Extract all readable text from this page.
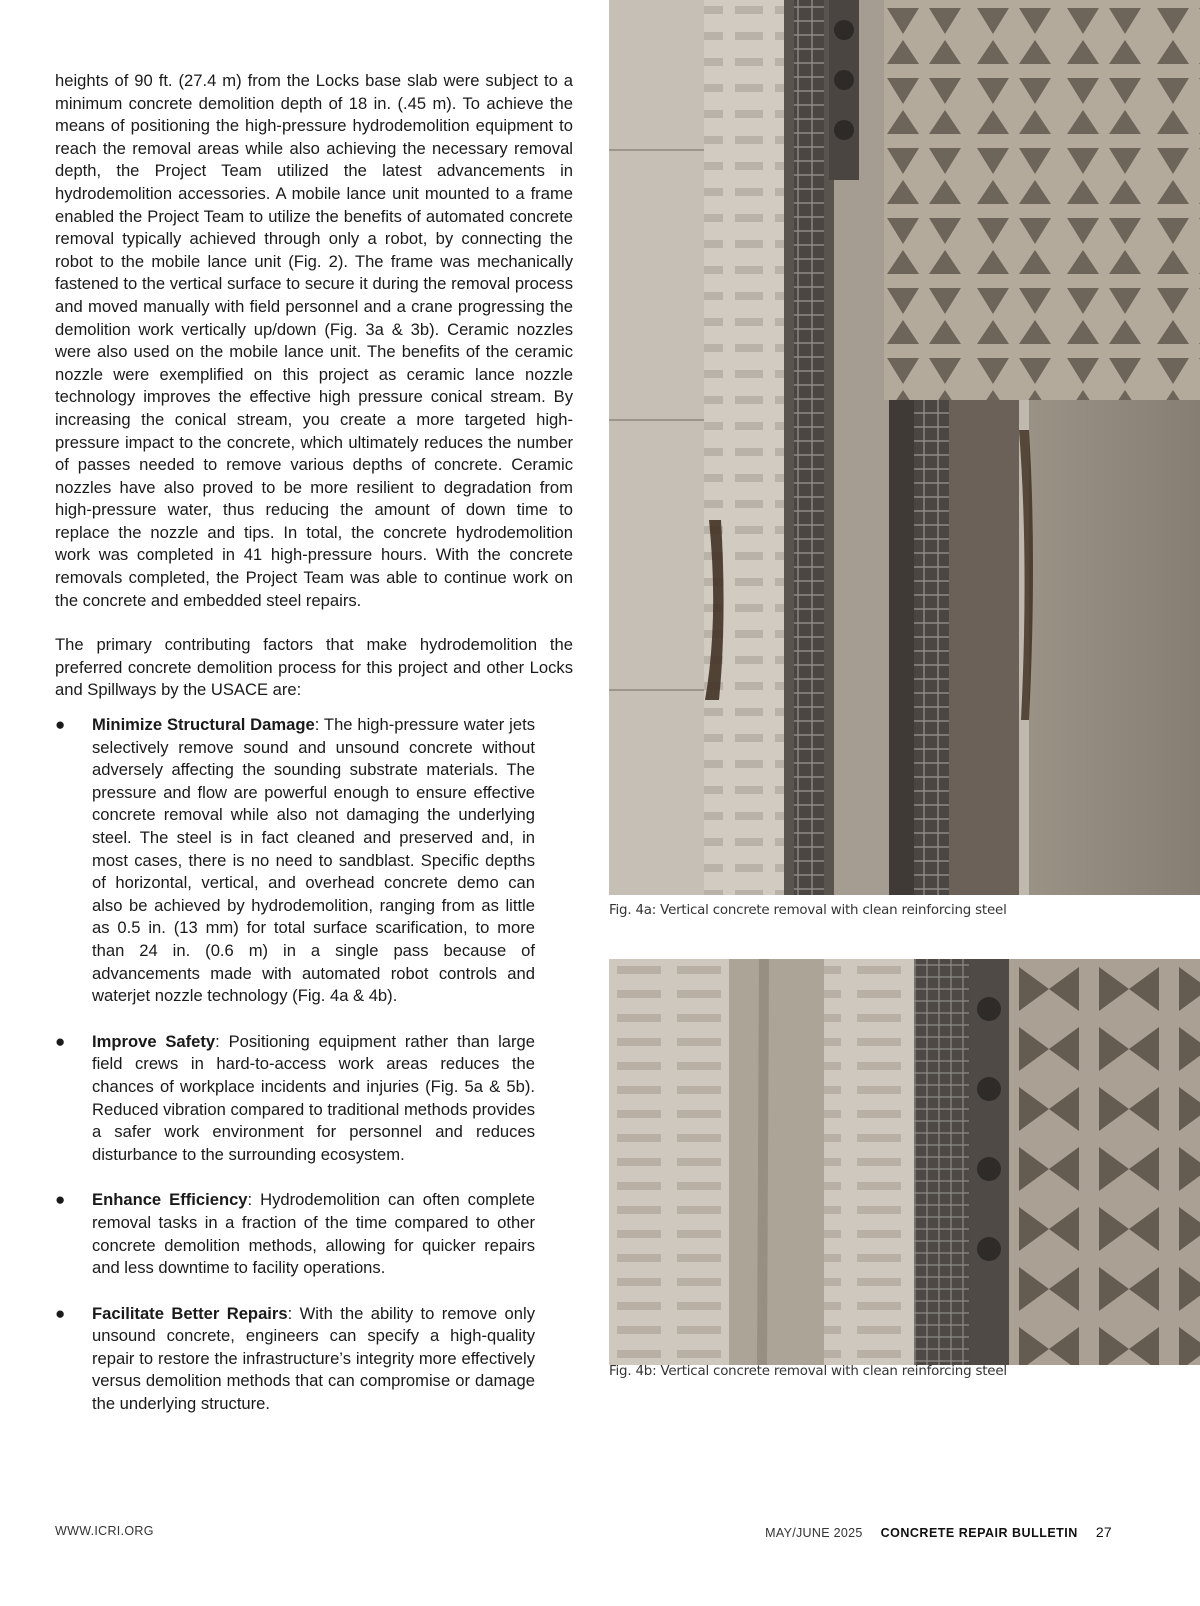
heights of 90 ft. (27.4 m) from the Locks base slab were subject to a minimum concrete demolition depth of 18 in. (.45 m). To achieve the means of positioning the high-pressure hydrodemolition equipment to reach the removal areas while also achieving the necessary removal depth, the Project Team utilized the latest advancements in hydrodemolition accessories. A mobile lance unit mounted to a frame enabled the Project Team to utilize the benefits of automated concrete removal typically achieved through only a robot, by connecting the robot to the mobile lance unit (Fig. 2). The frame was mechanically fastened to the vertical surface to secure it during the removal process and moved manually with field personnel and a crane progressing the demolition work vertically up/down (Fig. 3a & 3b). Ceramic nozzles were also used on the mobile lance unit. The benefits of the ceramic nozzle were exemplified on this project as ceramic lance nozzle technology improves the effective high pressure conical stream. By increasing the conical stream, you create a more targeted high-pressure impact to the concrete, which ultimately reduces the number of passes needed to remove various depths of concrete. Ceramic nozzles have also proved to be more resilient to degradation from high-pressure water, thus reducing the amount of down time to replace the nozzle and tips. In total, the concrete hydrodemolition work was completed in 41 high-pressure hours. With the concrete removals completed, the Project Team was able to continue work on the concrete and embedded steel repairs.

The primary contributing factors that make hydrodemolition the preferred concrete demolition process for this project and other Locks and Spillways by the USACE are:

● Minimize Structural Damage: The high-pressure water jets selectively remove sound and unsound concrete without adversely affecting the sounding substrate materials. The pressure and flow are powerful enough to ensure effective concrete removal while also not damaging the underlying steel. The steel is in fact cleaned and preserved and, in most cases, there is no need to sandblast. Specific depths of horizontal, vertical, and overhead concrete demo can also be achieved by hydrodemolition, ranging from as little as 0.5 in. (13 mm) for total surface scarification, to more than 24 in. (0.6 m) in a single pass because of advancements made with automated robot controls and waterjet nozzle technology (Fig. 4a & 4b).
● Improve Safety: Positioning equipment rather than large field crews in hard-to-access work areas reduces the chances of workplace incidents and injuries (Fig. 5a & 5b). Reduced vibration compared to traditional methods provides a safer work environment for personnel and reduces disturbance to the surrounding ecosystem.
● Enhance Efficiency: Hydrodemolition can often complete removal tasks in a fraction of the time compared to other concrete demolition methods, allowing for quicker repairs and less downtime to facility operations.
● Facilitate Better Repairs: With the ability to remove only unsound concrete, engineers can specify a high-quality repair to restore the infrastructure’s integrity more effectively versus demolition methods that can compromise or damage the underlying structure.
Fig. 4a: Vertical concrete removal with clean reinforcing steel
Fig. 4b: Vertical concrete removal with clean reinforcing steel
WWW.ICRI.ORG	MAY/JUNE 2025 CONCRETE REPAIR BULLETIN 27
